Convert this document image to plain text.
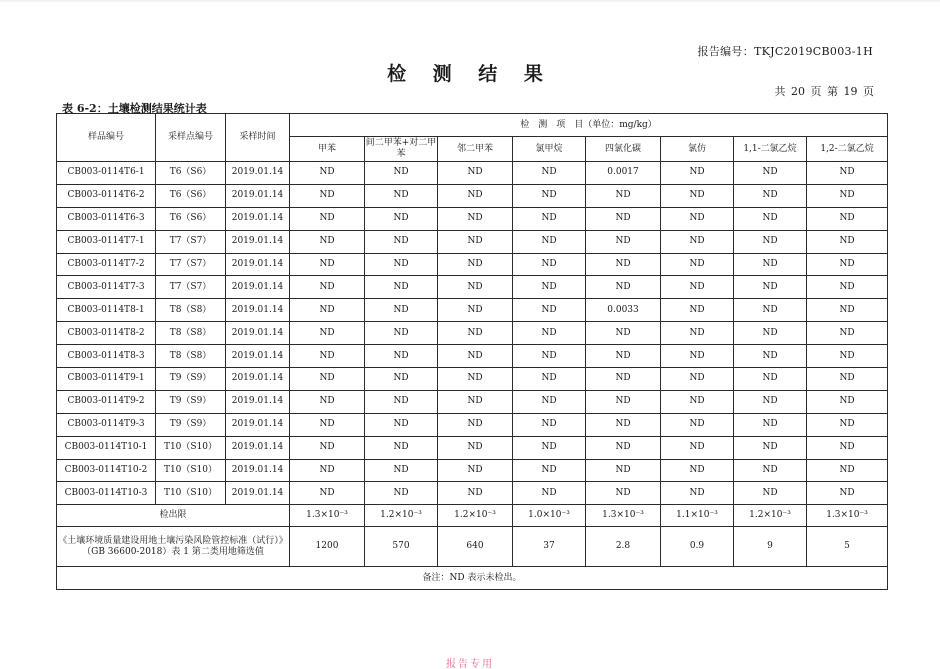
报告编号：TKJC2019CB003-1H
检 测 结 果
共 20 页 第 19 页
表 6-2：土壤检测结果统计表
样品编号	采样点编号	采样时间	检　测　项　目（单位：mg/kg）							
			甲苯	间二甲苯+对二甲苯	邻二甲苯	氯甲烷	四氯化碳	氯仿	1,1-二氯乙烷	1,2-二氯乙烷
CB003-0114T6-1	T6（S6）	2019.01.14	ND	ND	ND	ND	0.0017	ND	ND	ND
CB003-0114T6-2	T6（S6）	2019.01.14	ND	ND	ND	ND	ND	ND	ND	ND
CB003-0114T6-3	T6（S6）	2019.01.14	ND	ND	ND	ND	ND	ND	ND	ND
CB003-0114T7-1	T7（S7）	2019.01.14	ND	ND	ND	ND	ND	ND	ND	ND
CB003-0114T7-2	T7（S7）	2019.01.14	ND	ND	ND	ND	ND	ND	ND	ND
CB003-0114T7-3	T7（S7）	2019.01.14	ND	ND	ND	ND	ND	ND	ND	ND
CB003-0114T8-1	T8（S8）	2019.01.14	ND	ND	ND	ND	0.0033	ND	ND	ND
CB003-0114T8-2	T8（S8）	2019.01.14	ND	ND	ND	ND	ND	ND	ND	ND
CB003-0114T8-3	T8（S8）	2019.01.14	ND	ND	ND	ND	ND	ND	ND	ND
CB003-0114T9-1	T9（S9）	2019.01.14	ND	ND	ND	ND	ND	ND	ND	ND
CB003-0114T9-2	T9（S9）	2019.01.14	ND	ND	ND	ND	ND	ND	ND	ND
CB003-0114T9-3	T9（S9）	2019.01.14	ND	ND	ND	ND	ND	ND	ND	ND
CB003-0114T10-1	T10（S10）	2019.01.14	ND	ND	ND	ND	ND	ND	ND	ND
CB003-0114T10-2	T10（S10）	2019.01.14	ND	ND	ND	ND	ND	ND	ND	ND
CB003-0114T10-3	T10（S10）	2019.01.14	ND	ND	ND	ND	ND	ND	ND	ND
检出限			1.3×10⁻³	1.2×10⁻³	1.2×10⁻³	1.0×10⁻³	1.3×10⁻³	1.1×10⁻³	1.2×10⁻³	1.3×10⁻³
《土壤环境质量建设用地土壤污染风险管控标准（试行）》（GB 36600-2018）表 1 第二类用地筛选值			1200	570	640	37	2.8	0.9	9	5
备注：ND 表示未检出。										
报告专用
